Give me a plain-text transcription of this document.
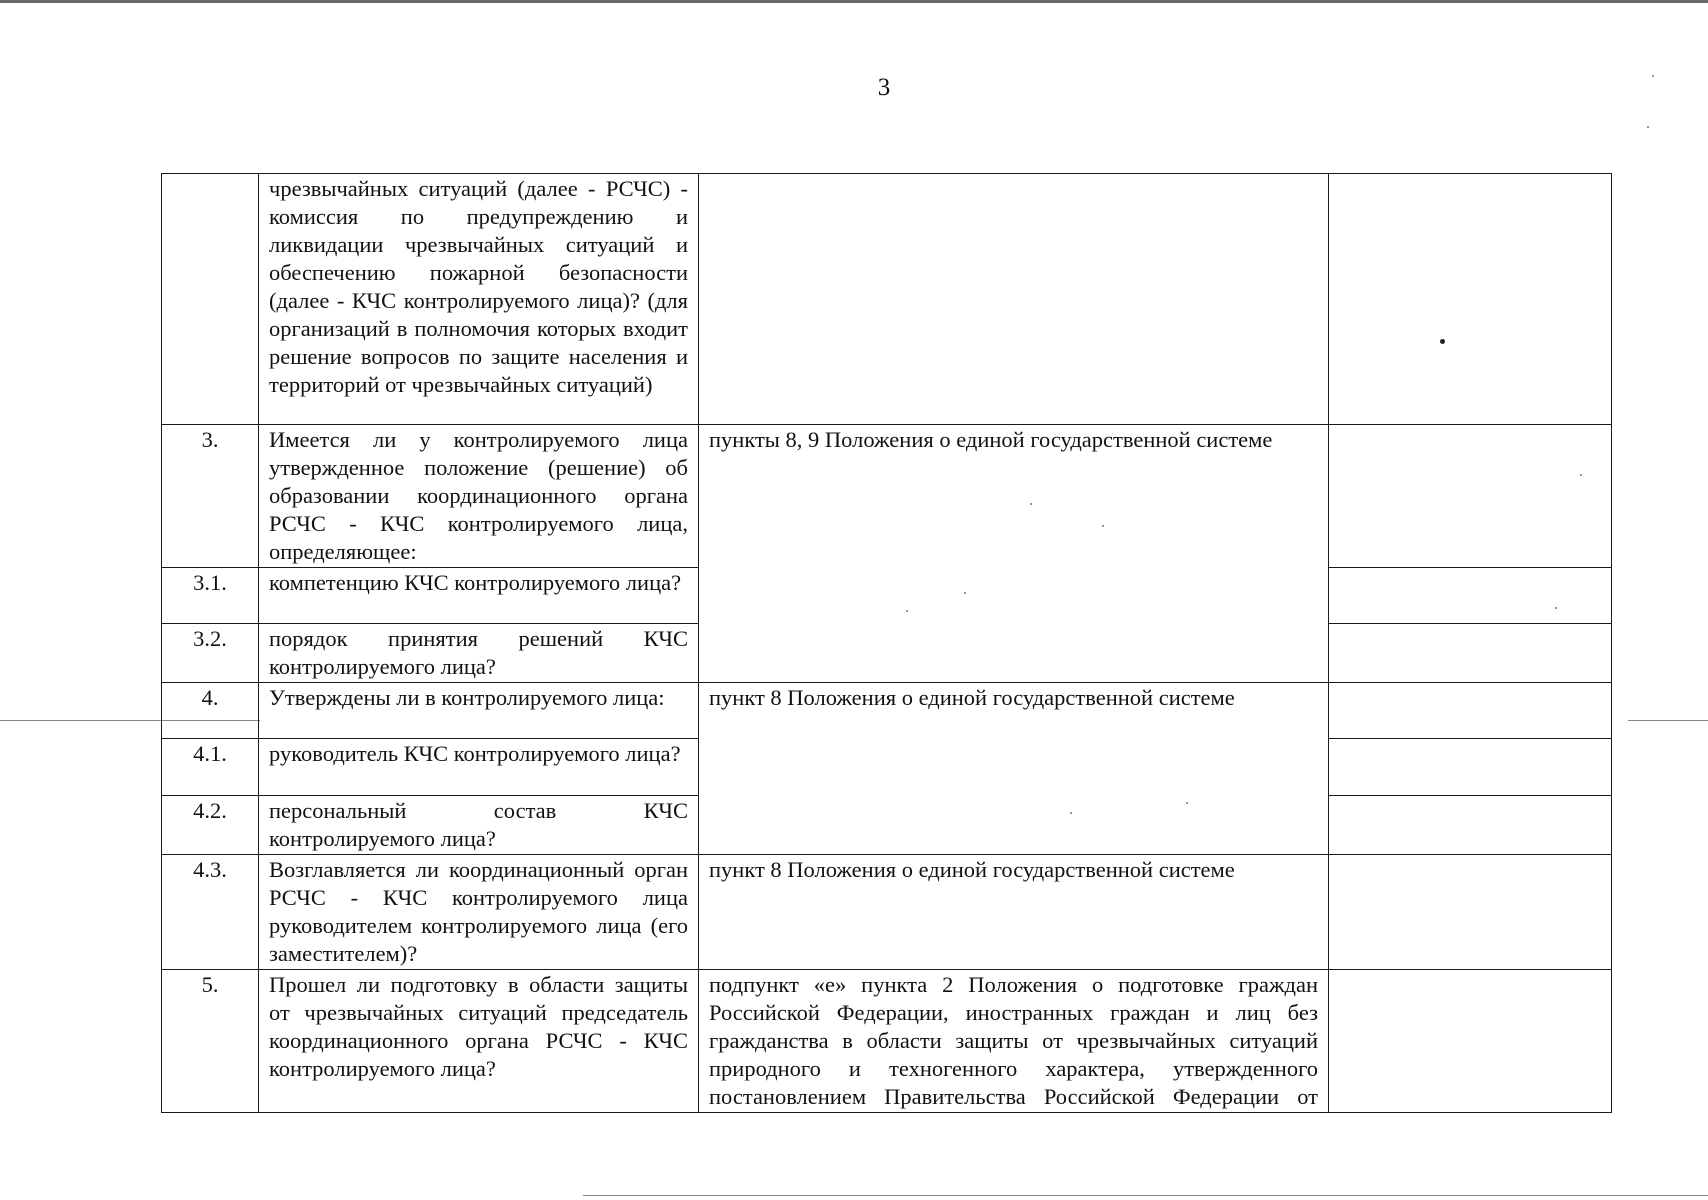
3
	чрезвычайных ситуаций (далее - РСЧС) - комиссия по предупреждению и ликвидации чрезвычайных ситуаций и обеспечению пожарной безопасности (далее - КЧС контролируемого лица)? (для организаций в полномочия которых входит решение вопросов по защите населения и территорий от чрезвычайных ситуаций)		
3.	Имеется ли у контролируемого лица утвержденное положение (решение) об образовании координационного органа РСЧС - КЧС контролируемого лица, определяющее:	пункты 8, 9 Положения о единой государственной системе	
3.1.	компетенцию КЧС контролируемого лица?		
3.2.	порядок принятия решений КЧС контролируемого лица?		
4.	Утверждены ли в контролируемого лица:	пункт 8 Положения о единой государственной системе	
4.1.	руководитель КЧС контролируемого лица?		
4.2.	персональный состав КЧС контролируемого лица?		
4.3.	Возглавляется ли координационный орган РСЧС - КЧС контролируемого лица руководителем контролируемого лица (его заместителем)?	пункт 8 Положения о единой государственной системе	
5.	Прошел ли подготовку в области защиты от чрезвычайных ситуаций председатель координационного органа РСЧС - КЧС контролируемого лица?	подпункт «е» пункта 2 Положения о подготовке граждан Российской Федерации, иностранных граждан и лиц без гражданства в области защиты от чрезвычайных ситуаций природного и техногенного характера, утвержденного постановлением Правительства Российской Федерации от	
